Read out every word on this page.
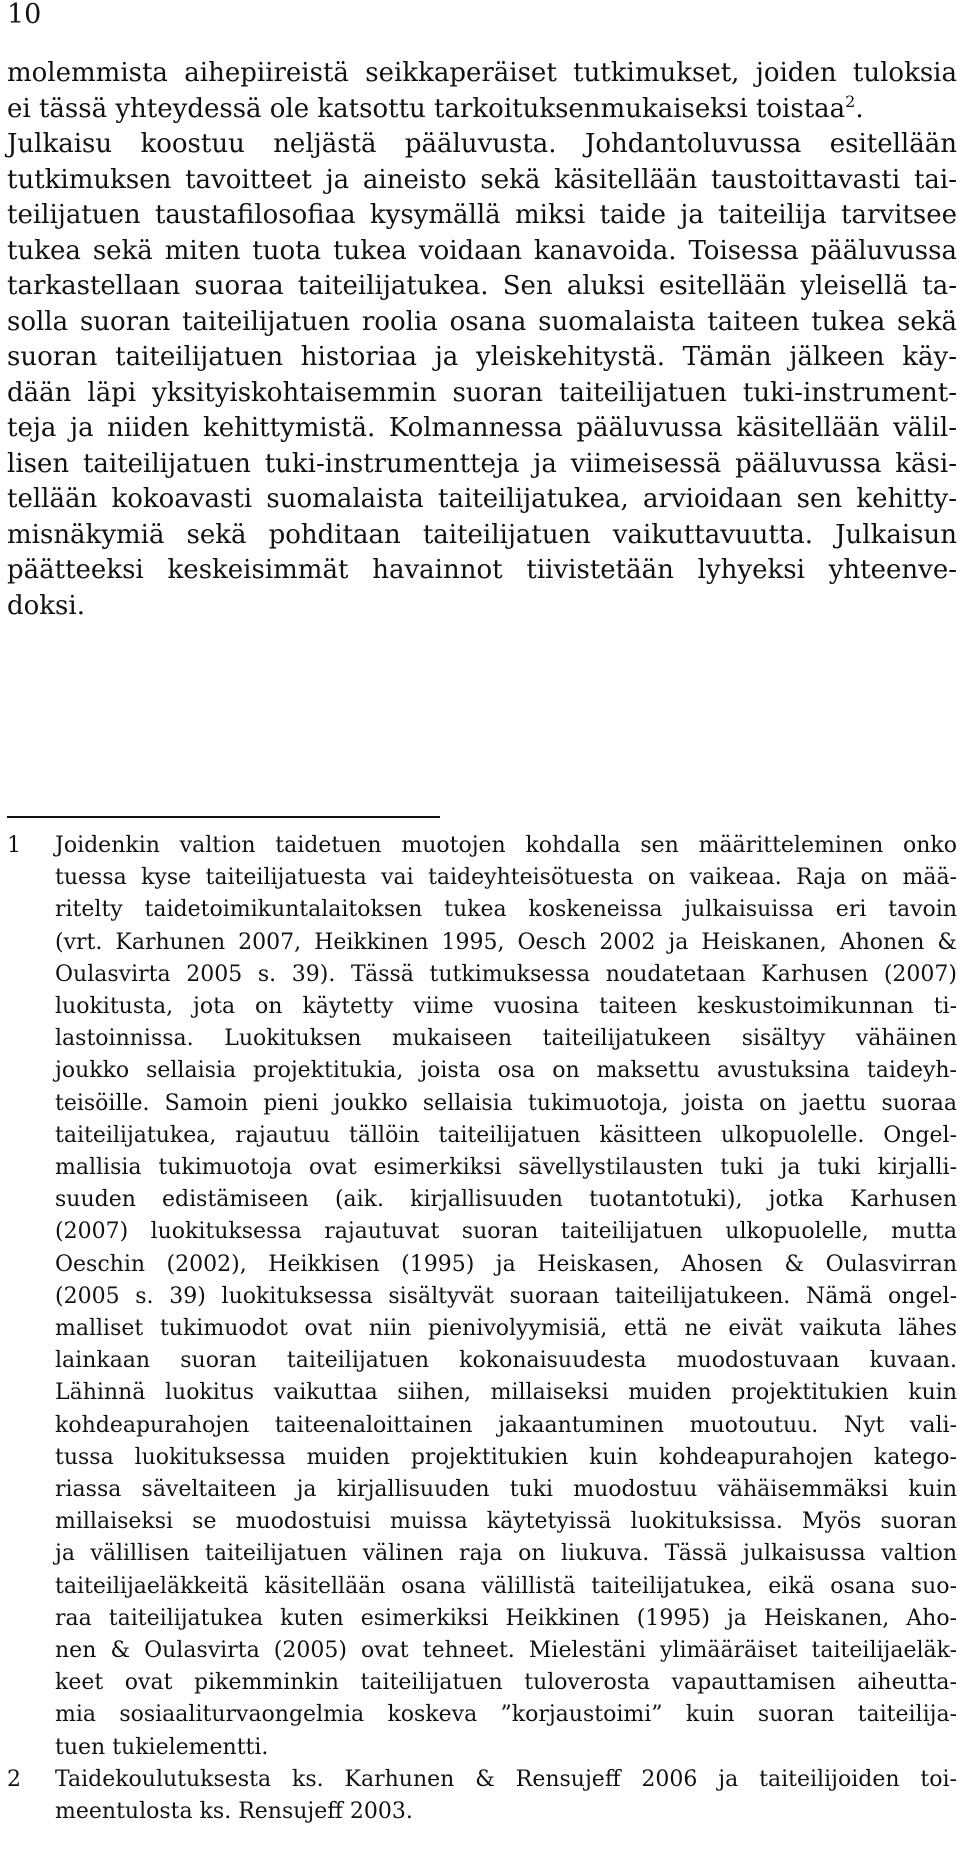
10

molemmista aihepiireistä seikkaperäiset tutkimukset, joiden tuloksia
ei tässä yhteydessä ole katsottu tarkoituksenmukaiseksi toistaa$^2$.
Julkaisu koostuu neljästä pääluvusta. Johdantoluvussa esitellään
tutkimuksen tavoitteet ja aineisto sekä käsitellään taustoittavasti tai-
teilijatuen taustafilosofiaa kysymällä miksi taide ja taiteilija tarvitsee
tukea sekä miten tuota tukea voidaan kanavoida. Toisessa pääluvussa
tarkastellaan suoraa taiteilijatukea. Sen aluksi esitellään yleisellä ta-
solla suoran taiteilijatuen roolia osana suomalaista taiteen tukea sekä
suoran taiteilijatuen historiaa ja yleiskehitystä. Tämän jälkeen käy-
dään läpi yksityiskohtaisemmin suoran taiteilijatuen tuki-instrument-
teja ja niiden kehittymistä. Kolmannessa pääluvussa käsitellään välil-
lisen taiteilijatuen tuki-instrumentteja ja viimeisessä pääluvussa käsi-
tellään kokoavasti suomalaista taiteilijatukea, arvioidaan sen kehitty-
misnäkymiä sekä pohditaan taiteilijatuen vaikuttavuutta. Julkaisun
päätteeksi keskeisimmät havainnot tiivistetään lyhyeksi yhteenve-
doksi.

1 Joidenkin valtion taidetuen muotojen kohdalla sen määritteleminen onko
tuessa kyse taiteilijatuesta vai taideyhteisötuesta on vaikeaa. Raja on mää-
ritelty taidetoimikuntalaitoksen tukea koskeneissa julkaisuissa eri tavoin
(vrt. Karhunen 2007, Heikkinen 1995, Oesch 2002 ja Heiskanen, Ahonen &
Oulasvirta 2005 s. 39). Tässä tutkimuksessa noudatetaan Karhusen (2007)
luokitusta, jota on käytetty viime vuosina taiteen keskustoimikunnan ti-
lastoinnissa. Luokituksen mukaiseen taiteilijatukeen sisältyy vähäinen
joukko sellaisia projektitukia, joista osa on maksettu avustuksina taideyh-
teisöille. Samoin pieni joukko sellaisia tukimuotoja, joista on jaettu suoraa
taiteilijatukea, rajautuu tällöin taiteilijatuen käsitteen ulkopuolelle. Ongel-
mallisia tukimuotoja ovat esimerkiksi sävellystilausten tuki ja tuki kirjalli-
suuden edistämiseen (aik. kirjallisuuden tuotantotuki), jotka Karhusen
(2007) luokituksessa rajautuvat suoran taiteilijatuen ulkopuolelle, mutta
Oeschin (2002), Heikkisen (1995) ja Heiskasen, Ahosen & Oulasvirran
(2005 s. 39) luokituksessa sisältyvät suoraan taiteilijatukeen. Nämä ongel-
malliset tukimuodot ovat niin pienivolyymisiä, että ne eivät vaikuta lähes
lainkaan suoran taiteilijatuen kokonaisuudesta muodostuvaan kuvaan.
Lähinnä luokitus vaikuttaa siihen, millaiseksi muiden projektitukien kuin
kohdeapurahojen taiteenaloittainen jakaantuminen muotoutuu. Nyt vali-
tussa luokituksessa muiden projektitukien kuin kohdeapurahojen katego-
riassa säveltaiteen ja kirjallisuuden tuki muodostuu vähäisemmäksi kuin
millaiseksi se muodostuisi muissa käytetyissä luokituksissa. Myös suoran
ja välillisen taiteilijatuen välinen raja on liukuva. Tässä julkaisussa valtion
taiteilijaeläkkeitä käsitellään osana välillistä taiteilijatukea, eikä osana suo-
raa taiteilijatukea kuten esimerkiksi Heikkinen (1995) ja Heiskanen, Aho-
nen & Oulasvirta (2005) ovat tehneet. Mielestäni ylimääräiset taiteilijaeläk-
keet ovat pikemminkin taiteilijatuen tuloverosta vapauttamisen aiheutta-
mia sosiaaliturvaongelmia koskeva ”korjaustoimi” kuin suoran taiteilija-
tuen tukielementti.
2 Taidekoulutuksesta ks. Karhunen & Rensujeff 2006 ja taiteilijoiden toi-
meentulosta ks. Rensujeff 2003.
